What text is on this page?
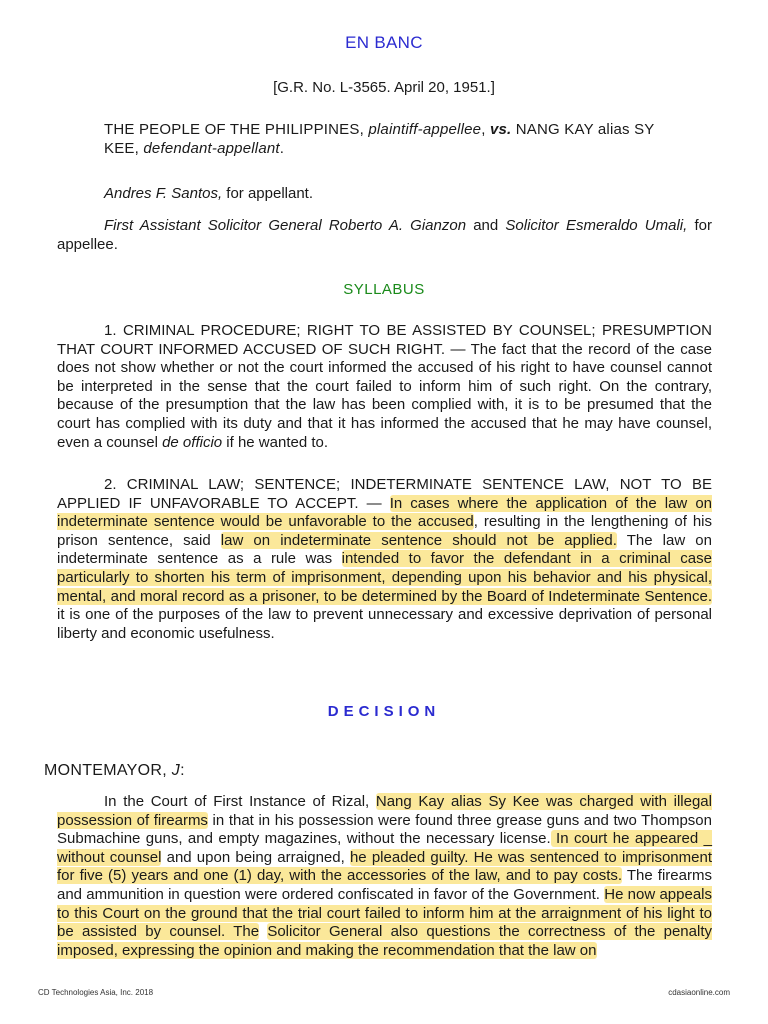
EN BANC
[G.R. No. L-3565. April 20, 1951.]
THE PEOPLE OF THE PHILIPPINES, plaintiff-appellee, vs. NANG KAY alias SY KEE, defendant-appellant.
Andres F. Santos, for appellant.
First Assistant Solicitor General Roberto A. Gianzon and Solicitor Esmeraldo Umali, for appellee.
SYLLABUS

1. CRIMINAL PROCEDURE; RIGHT TO BE ASSISTED BY COUNSEL; PRESUMPTION THAT COURT INFORMED ACCUSED OF SUCH RIGHT. — The fact that the record of the case does not show whether or not the court informed the accused of his right to have counsel cannot be interpreted in the sense that the court failed to inform him of such right. On the contrary, because of the presumption that the law has been complied with, it is to be presumed that the court has complied with its duty and that it has informed the accused that he may have counsel, even a counsel de officio if he wanted to.

2. CRIMINAL LAW; SENTENCE; INDETERMINATE SENTENCE LAW, NOT TO BE APPLIED IF UNFAVORABLE TO ACCEPT. — In cases where the application of the law on indeterminate sentence would be unfavorable to the accused, resulting in the lengthening of his prison sentence, said law on indeterminate sentence should not be applied. The law on indeterminate sentence as a rule was intended to favor the defendant in a criminal case particularly to shorten his term of imprisonment, depending upon his behavior and his physical, mental, and moral record as a prisoner, to be determined by the Board of Indeterminate Sentence. it is one of the purposes of the law to prevent unnecessary and excessive deprivation of personal liberty and economic usefulness.

DECISION
MONTEMAYOR, J:

In the Court of First Instance of Rizal, Nang Kay alias Sy Kee was charged with illegal possession of firearms in that in his possession were found three grease guns and two Thompson Submachine guns, and empty magazines, without the necessary license. In court he appeared _ without counsel and upon being arraigned, he pleaded guilty. He was sentenced to imprisonment for five (5) years and one (1) day, with the accessories of the law, and to pay costs. The firearms and ammunition in question were ordered confiscated in favor of the Government. He now appeals to this Court on the ground that the trial court failed to inform him at the arraignment of his light to be assisted by counsel. The Solicitor General also questions the correctness of the penalty imposed, expressing the opinion and making the recommendation that the law on

CD Technologies Asia, Inc. 2018	cdasiaonline.com
